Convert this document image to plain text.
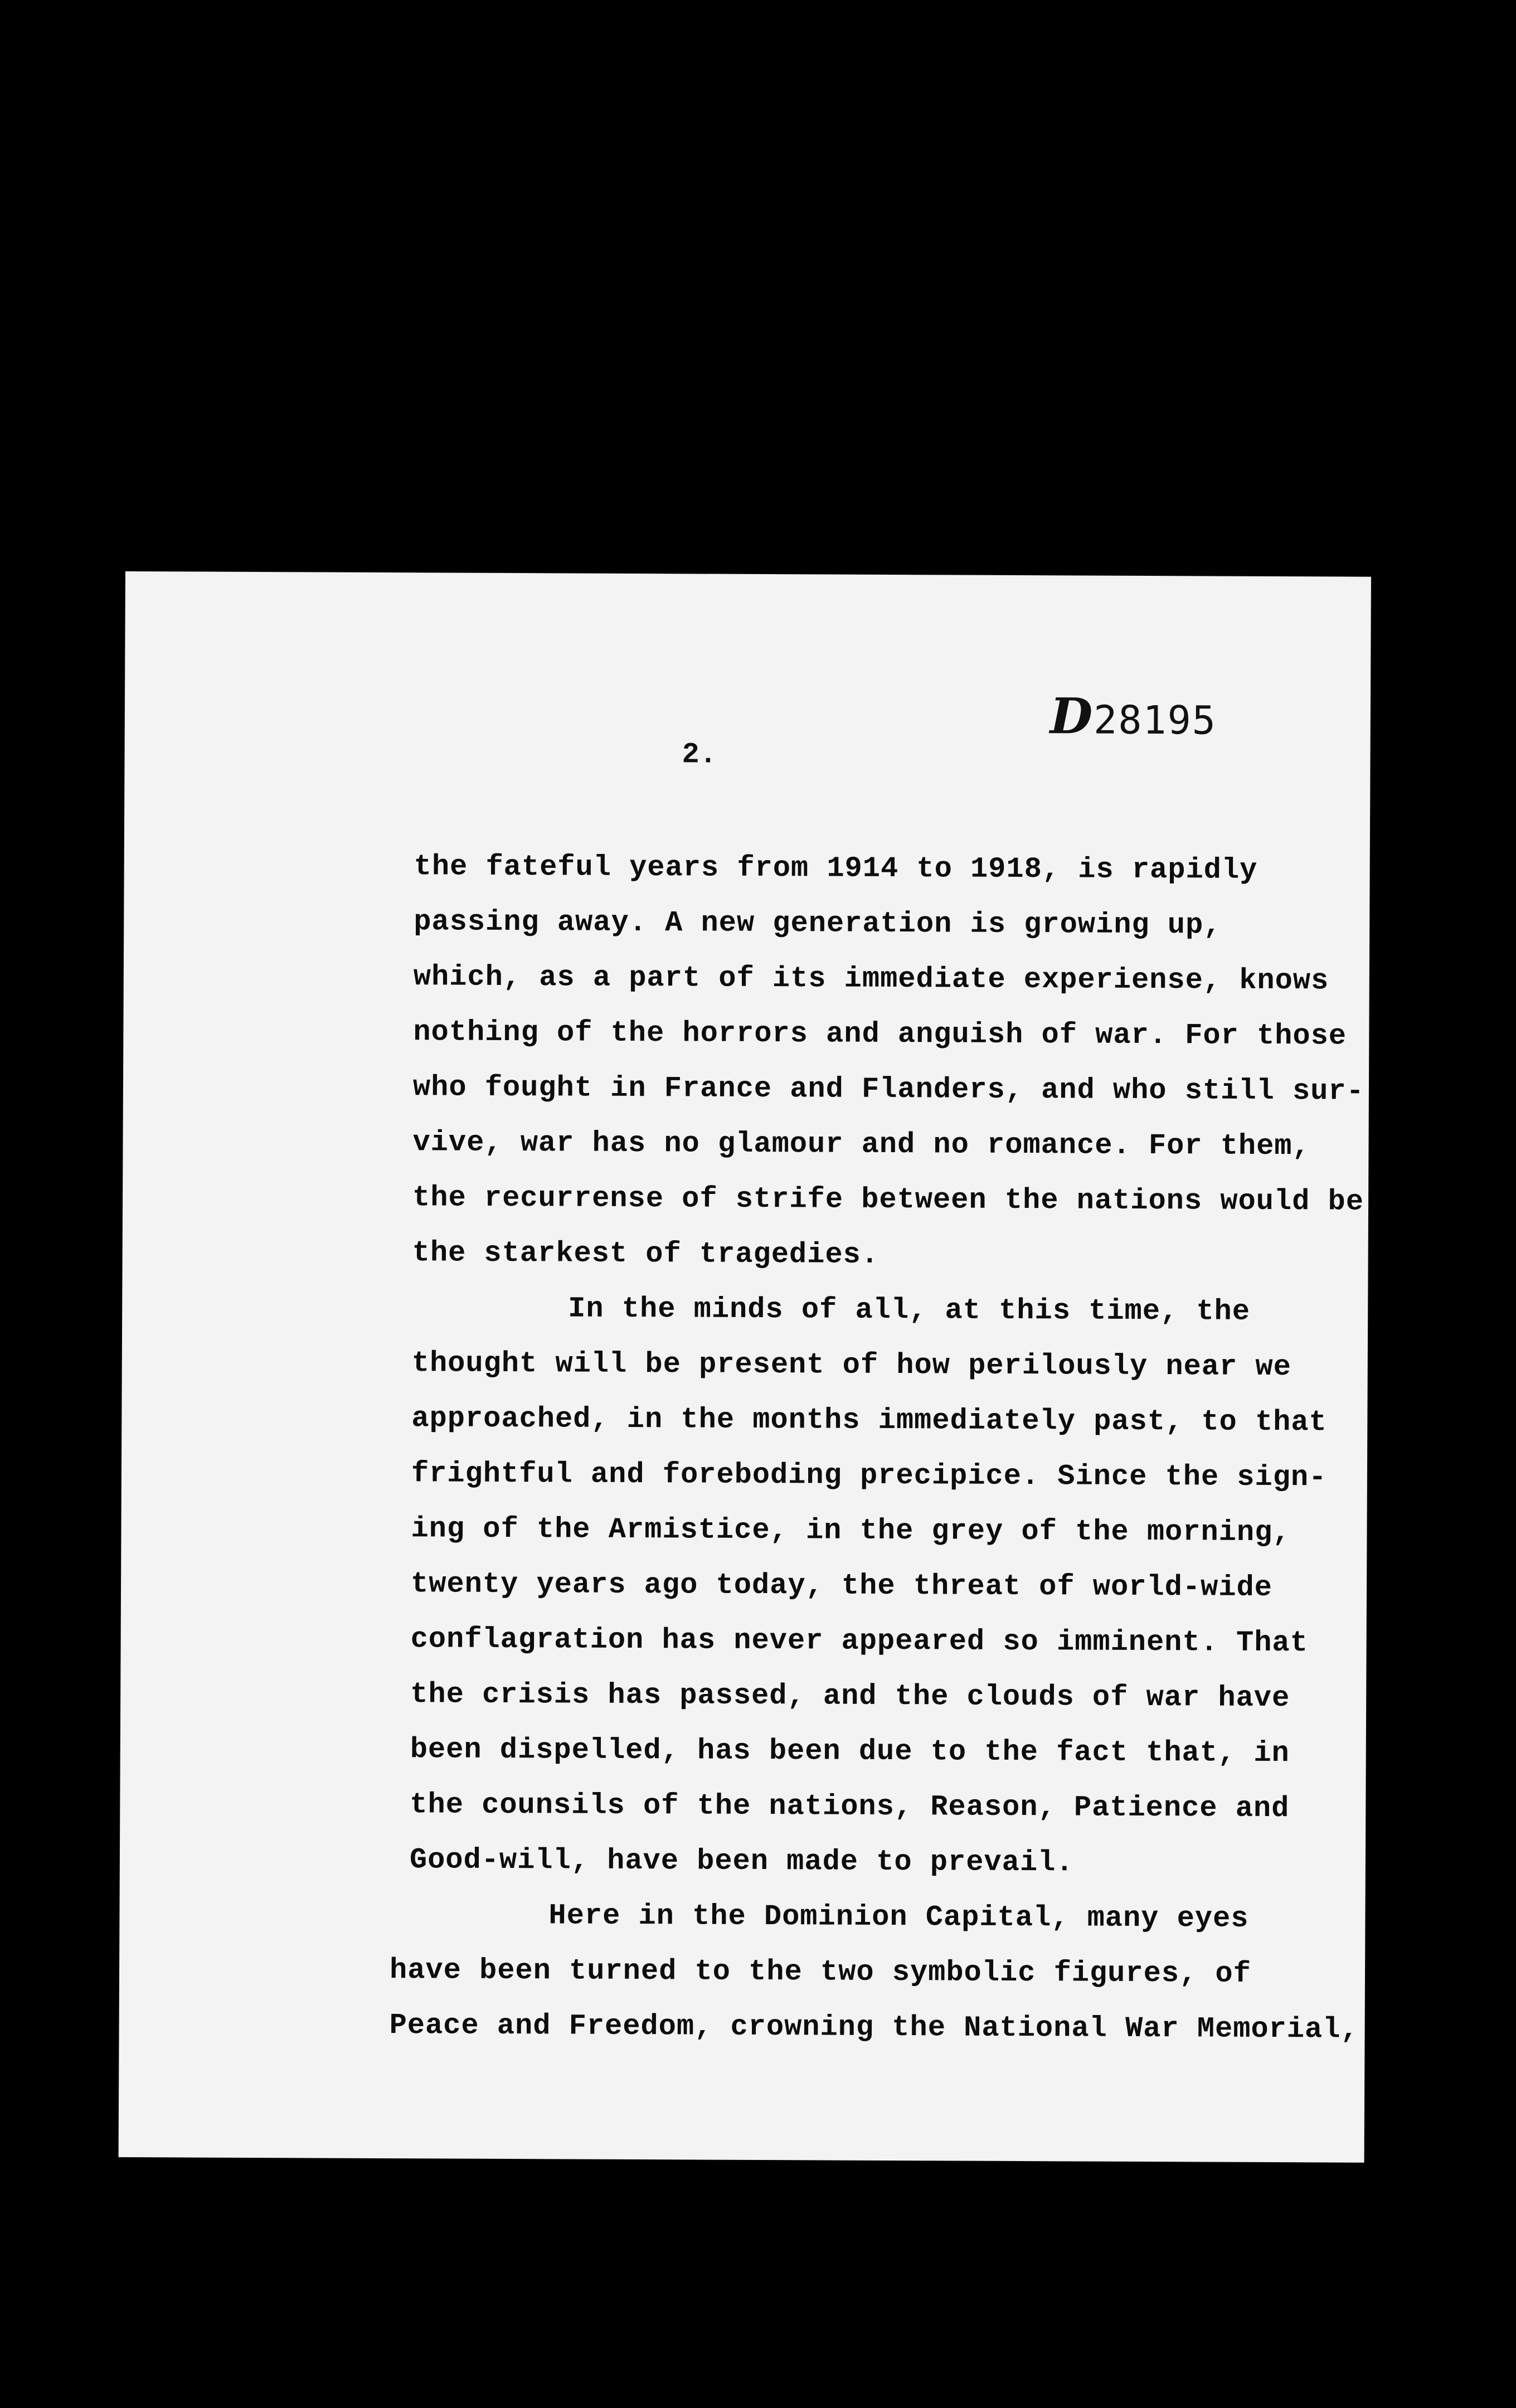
D28195
2.
the fateful years from 1914 to 1918, is rapidly
passing away. A new generation is growing up,
which, as a part of its immediate experiense, knows
nothing of the horrors and anguish of war. For those
who fought in France and Flanders, and who still sur-
vive, war has no glamour and no romance. For them,
the recurrense of strife between the nations would be
the starkest of tragedies.
In the minds of all, at this time, the
thought will be present of how perilously near we
approached, in the months immediately past, to that
frightful and foreboding precipice. Since the sign-
ing of the Armistice, in the grey of the morning,
twenty years ago today, the threat of world-wide
conflagration has never appeared so imminent. That
the crisis has passed, and the clouds of war have
been dispelled, has been due to the fact that, in
the counsils of the nations, Reason, Patience and
Good-will, have been made to prevail.
Here in the Dominion Capital, many eyes
have been turned to the two symbolic figures, of
Peace and Freedom, crowning the National War Memorial,
